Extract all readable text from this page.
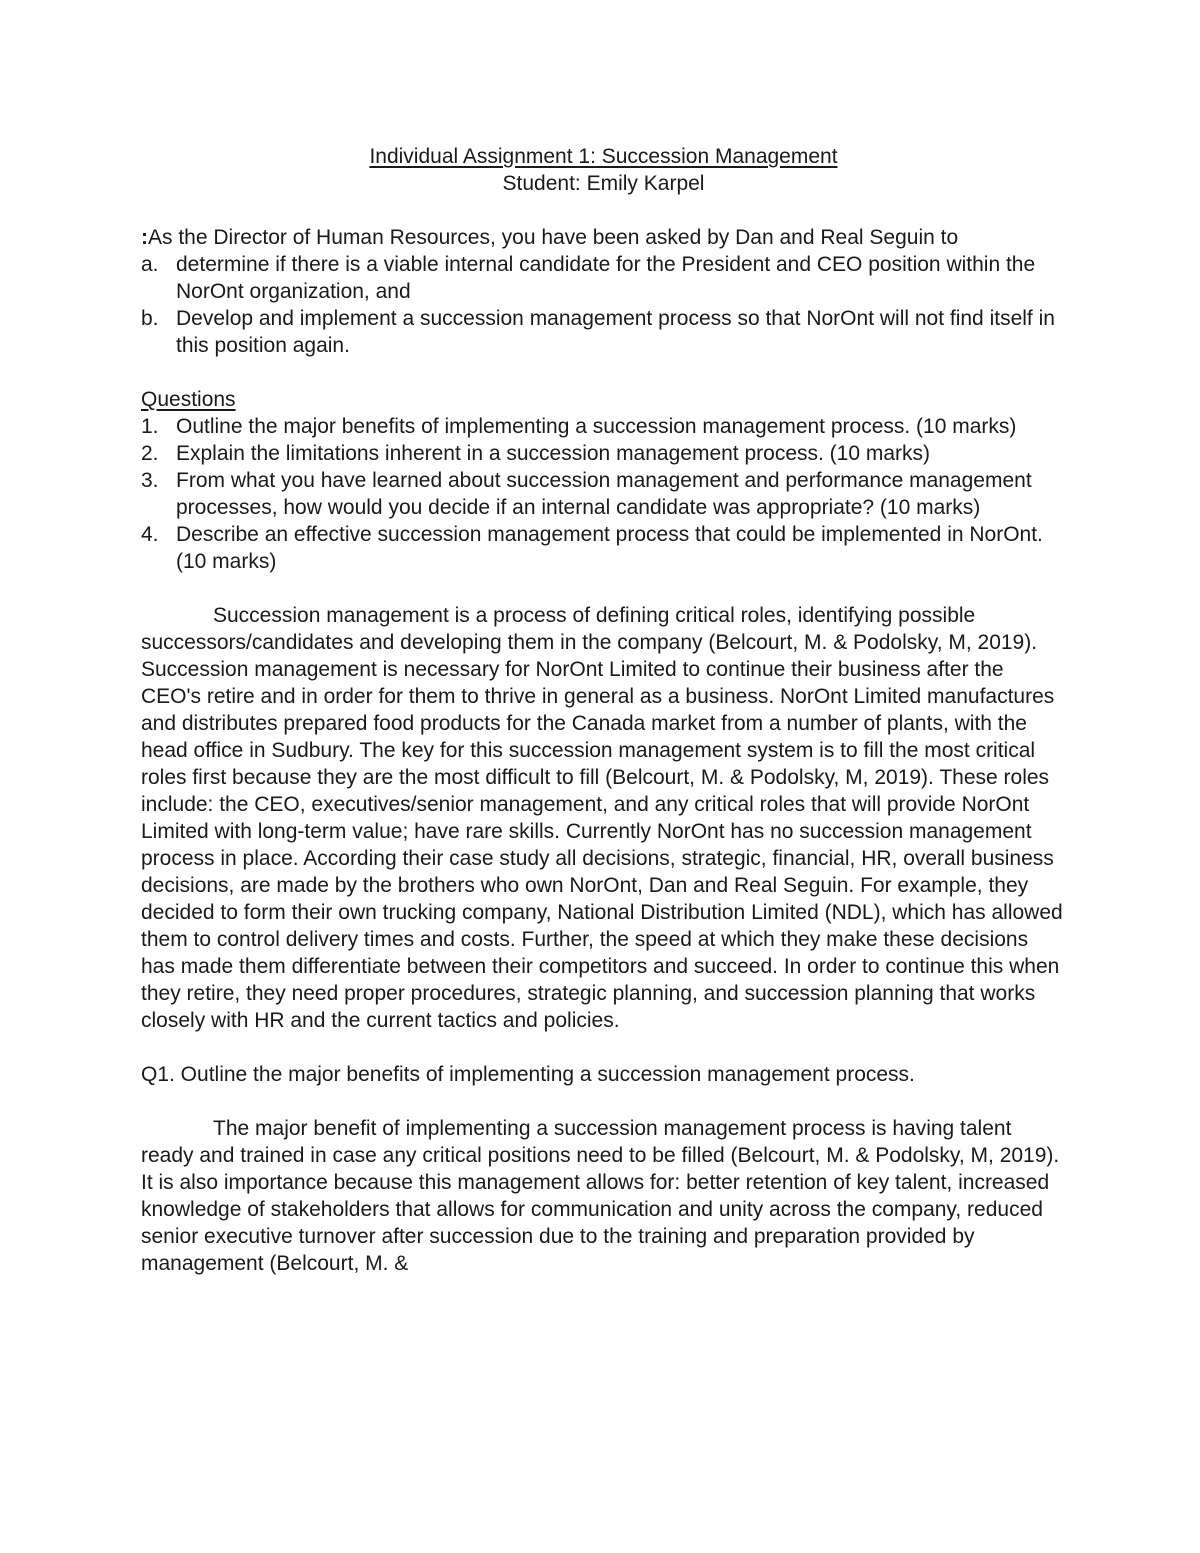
Individual Assignment 1: Succession Management

Student: Emily Karpel

:As the Director of Human Resources, you have been asked by Dan and Real Seguin to

a. determine if there is a viable internal candidate for the President and CEO position within the NorOnt organization, and
b. Develop and implement a succession management process so that NorOnt will not find itself in this position again.

Questions

1. Outline the major benefits of implementing a succession management process. (10 marks)
2. Explain the limitations inherent in a succession management process. (10 marks)
3. From what you have learned about succession management and performance management processes, how would you decide if an internal candidate was appropriate? (10 marks)
4. Describe an effective succession management process that could be implemented in NorOnt. (10 marks)

Succession management is a process of defining critical roles, identifying possible successors/candidates and developing them in the company (Belcourt, M. & Podolsky, M, 2019). Succession management is necessary for NorOnt Limited to continue their business after the CEO's retire and in order for them to thrive in general as a business. NorOnt Limited manufactures and distributes prepared food products for the Canada market from a number of plants, with the head office in Sudbury. The key for this succession management system is to fill the most critical roles first because they are the most difficult to fill (Belcourt, M. & Podolsky, M, 2019). These roles include: the CEO, executives/senior management, and any critical roles that will provide NorOnt Limited with long-term value; have rare skills. Currently NorOnt has no succession management process in place. According their case study all decisions, strategic, financial, HR, overall business decisions, are made by the brothers who own NorOnt, Dan and Real Seguin. For example, they decided to form their own trucking company, National Distribution Limited (NDL), which has allowed them to control delivery times and costs. Further, the speed at which they make these decisions has made them differentiate between their competitors and succeed. In order to continue this when they retire, they need proper procedures, strategic planning, and succession planning that works closely with HR and the current tactics and policies.

Q1. Outline the major benefits of implementing a succession management process.

The major benefit of implementing a succession management process is having talent ready and trained in case any critical positions need to be filled (Belcourt, M. & Podolsky, M, 2019). It is also importance because this management allows for: better retention of key talent, increased knowledge of stakeholders that allows for communication and unity across the company, reduced senior executive turnover after succession due to the training and preparation provided by management (Belcourt, M. &
